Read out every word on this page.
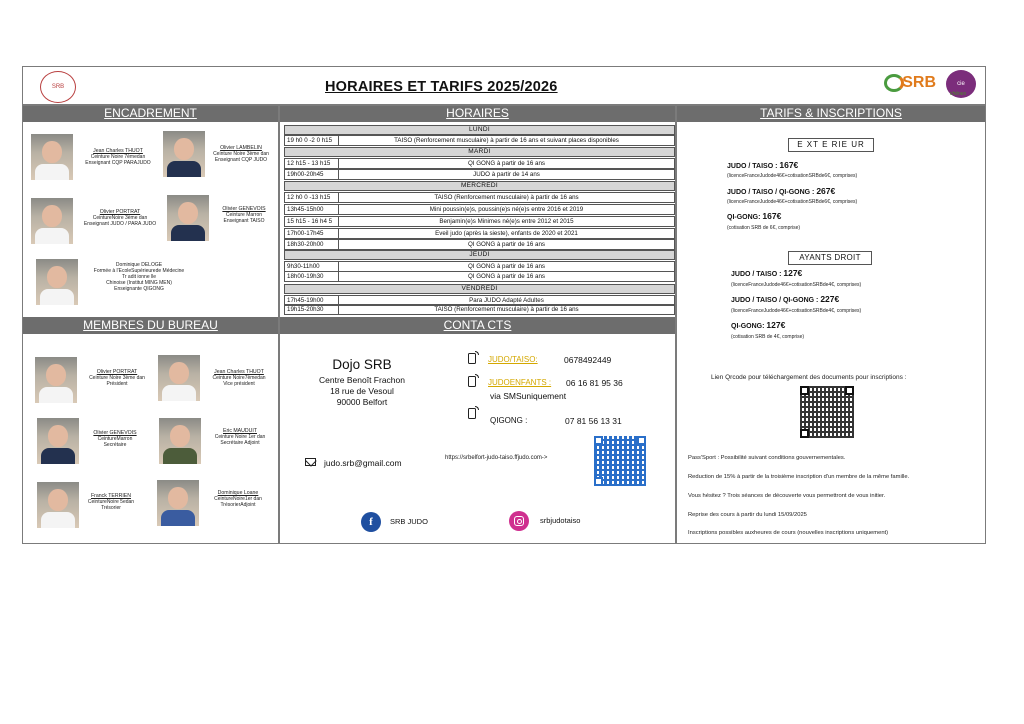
SRB	HORAIRES ET TARIFS 2025/2026	SRB	cie
chênes
ENCADREMENT	HORAIRES	TARIFS & INSCRIPTIONS
MEMBRES DU BUREAU	CONTA CTS
Jean Charles THUOT
Ceinture Noire 7èmedan
Enseignant CQP PARAJUDO
Olivier LAMBELIN
Ceinture Noire 3ème dan
Enseignant CQP JUDO
Olivier PORTRAT
CeintureNoire 3ème dan
Enseignant JUDO / PARA JUDO
Olivier GENEVOIS
Ceinture Marron
Enseignant TAISO
Dominique DELOGE
Formée à l'EcoleSupérieurede Médecine
Tr adit ionne lle
Chinoise (Institut MING MEN)
Enseignante QIGONG
LUNDI
19 h0 0 -2 0 h15	TAISO (Renforcement musculaire) à partir de 16 ans et suivant places disponibles
MARDI
12 h15 - 13 h15	QI GONG à partir de 16 ans
19h00-20h45	JUDO à partir de 14 ans
MERCREDI
12 h0 0 -13 h15	TAISO (Renforcement musculaire) à partir de 16 ans
13h45-15h00	Mini poussin(e)s, poussin(e)s né(e)s entre 2016 et 2019
15 h15 - 16 h4 5	Benjamin(e)s Minimes né(e)s entre 2012 et 2015
17h00-17h45	Eveil judo (après la sieste), enfants de 2020 et 2021
18h30-20h00	QI GONG à partir de 16 ans
JEUDI
9h30-11h00	QI GONG à partir de 16 ans
18h00-19h30	QI GONG à partir de 16 ans
VENDREDI
17h45-19h00	Para JUDO Adapté Adultes
19h15-20h30	TAISO (Renforcement musculaire) à partir de 16 ans
E XT E RIE UR
JUDO / TAISO : 167€
(licenceFranceJudode46€+cotisationSRBde6€, comprises)
JUDO / TAISO / QI-GONG : 267€
(licenceFranceJudode46€+cotisationSRBde6€, comprises)
QI-GONG: 167€
(cotisation SRB de 6€, comprise)
AYANTS DROIT
JUDO / TAISO : 127€
(licenceFranceJudode46€+cotisationSRBde4€, comprises)
JUDO / TAISO / QI-GONG : 227€
(licenceFranceJudode46€+cotisationSRBde4€, comprises)
QI-GONG: 127€
(cotisation SRB de 4€, comprise)
Lien Qrcode pour téléchargement des documents pour inscriptions :
Pass'Sport : Possibilité suivant conditions gouvernementales.
Reduction de 15% à partir de la troisième inscription d'un membre de la même famille.
Vous hésitez ? Trois séances de découverte vous permettront de vous initier.
Reprise des cours à partir du lundi 15/09/2025
Inscriptions possibles auxheures de cours (nouvelles inscriptions uniquement)
Olivier PORTRAT
Ceinture Noire 3ème dan
Président
Jean Charles THUOT
Ceinture Noire7èmedan
Vice président
Olivier GENEVOIS
CeintureMarron
Secrétaire
Eric MAUDUIT
Ceinture Noire 1er dan
Secrétaire Adjoint
Franck TERRIEN
CeintureNoire 5edan
Trésorier
Dominique Loane
CeintureNoire1er dan
TrésorierAdjoint
Dojo SRB
Centre Benoît Frachon
18 rue de Vesoul
90000 Belfort
JUDO/TAISO:	0678492449
JUDOENFANTS : 06 16 81 95 36
via SMSuniquement
QIGONG :	07 81 56 13 31
judo.srb@gmail.com	https://srbelfort-judo-taiso.ffjudo.com->
f	SRB JUDO	srbjudotaiso
